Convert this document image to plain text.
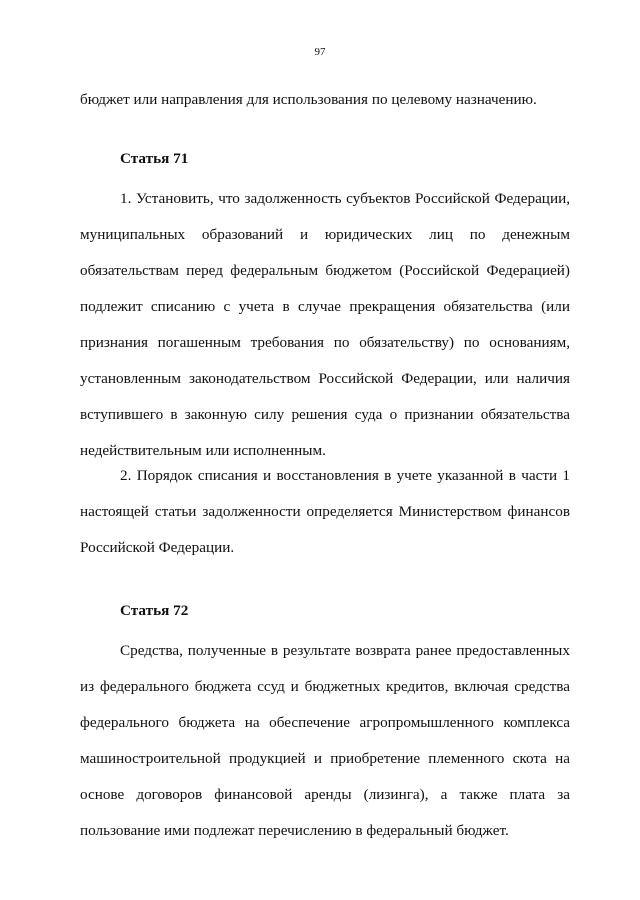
97
бюджет или направления для использования по целевому назначению.
Статья 71
1. Установить, что задолженность субъектов Российской Федерации,
муниципальных образований и юридических лиц по денежным
обязательствам перед федеральным бюджетом (Российской Федерацией)
подлежит списанию с учета в случае прекращения обязательства (или
признания погашенным требования по обязательству) по основаниям,
установленным законодательством Российской Федерации, или наличия
вступившего в законную силу решения суда о признании обязательства
недействительным или исполненным.
2. Порядок списания и восстановления в учете указанной в части 1
настоящей статьи задолженности определяется Министерством финансов
Российской Федерации.
Статья 72
Средства, полученные в результате возврата ранее предоставленных
из федерального бюджета ссуд и бюджетных кредитов, включая средства
федерального бюджета на обеспечение агропромышленного комплекса
машиностроительной продукцией и приобретение племенного скота на
основе договоров финансовой аренды (лизинга), а также плата за
пользование ими подлежат перечислению в федеральный бюджет.
